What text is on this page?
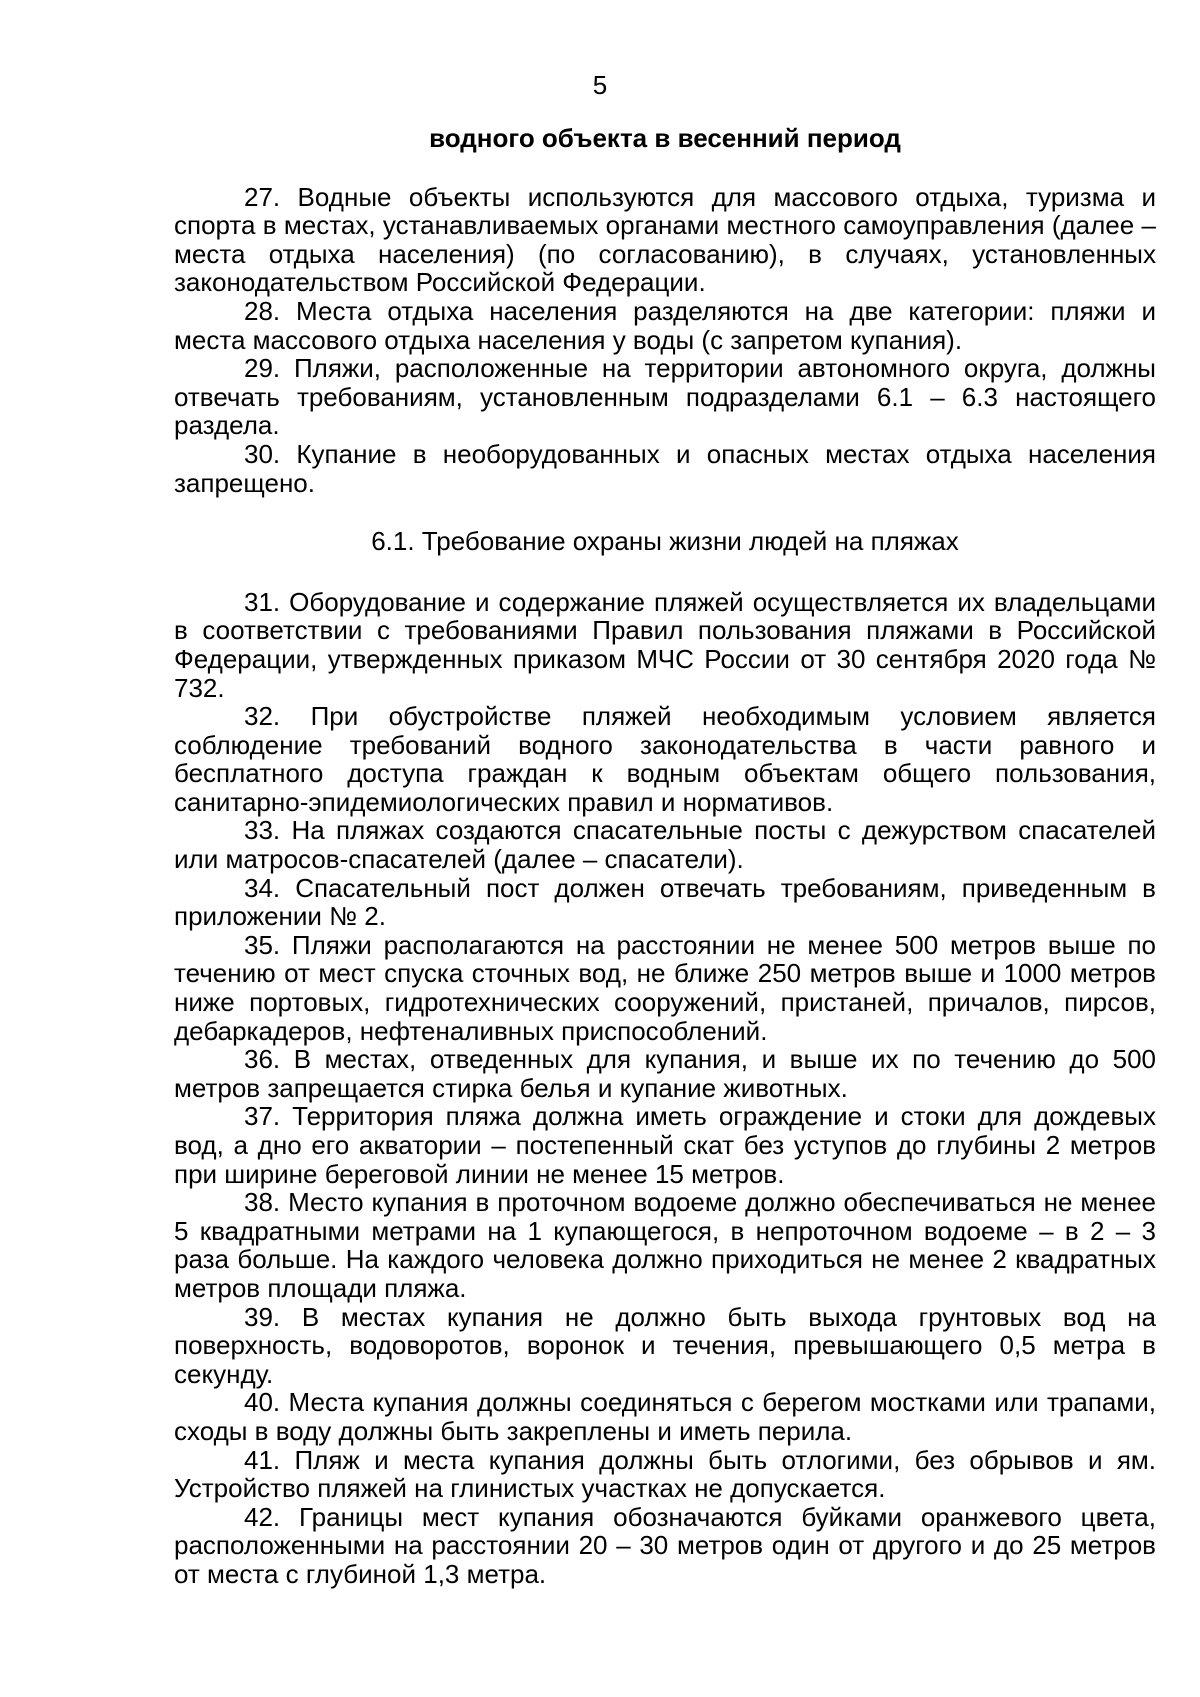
5

водного объекта в весенний период

27. Водные объекты используются для массового отдыха, туризма и спорта в местах, устанавливаемых органами местного самоуправления (далее – места отдыха населения) (по согласованию), в случаях, установленных законодательством Российской Федерации.

28. Места отдыха населения разделяются на две категории: пляжи и места массового отдыха населения у воды (с запретом купания).

29. Пляжи, расположенные на территории автономного округа, должны отвечать требованиям, установленным подразделами 6.1 – 6.3 настоящего раздела.

30. Купание в необорудованных и опасных местах отдыха населения запрещено.

6.1. Требование охраны жизни людей на пляжах

31. Оборудование и содержание пляжей осуществляется их владельцами в соответствии с требованиями Правил пользования пляжами в Российской Федерации, утвержденных приказом МЧС России от 30 сентября 2020 года № 732.

32. При обустройстве пляжей необходимым условием является соблюдение требований водного законодательства в части равного и бесплатного доступа граждан к водным объектам общего пользования, санитарно-эпидемиологических правил и нормативов.

33. На пляжах создаются спасательные посты с дежурством спасателей или матросов-спасателей (далее – спасатели).

34. Спасательный пост должен отвечать требованиям, приведенным в приложении № 2.

35. Пляжи располагаются на расстоянии не менее 500 метров выше по течению от мест спуска сточных вод, не ближе 250 метров выше и 1000 метров ниже портовых, гидротехнических сооружений, пристаней, причалов, пирсов, дебаркадеров, нефтеналивных приспособлений.

36. В местах, отведенных для купания, и выше их по течению до 500 метров запрещается стирка белья и купание животных.

37. Территория пляжа должна иметь ограждение и стоки для дождевых вод, а дно его акватории – постепенный скат без уступов до глубины 2 метров при ширине береговой линии не менее 15 метров.

38. Место купания в проточном водоеме должно обеспечиваться не менее 5 квадратными метрами на 1 купающегося, в непроточном водоеме – в 2 – 3 раза больше. На каждого человека должно приходиться не менее 2 квадратных метров площади пляжа.

39. В местах купания не должно быть выхода грунтовых вод на поверхность, водоворотов, воронок и течения, превышающего 0,5 метра в секунду.

40. Места купания должны соединяться с берегом мостками или трапами, сходы в воду должны быть закреплены и иметь перила.

41. Пляж и места купания должны быть отлогими, без обрывов и ям. Устройство пляжей на глинистых участках не допускается.

42. Границы мест купания обозначаются буйками оранжевого цвета, расположенными на расстоянии 20 – 30 метров один от другого и до 25 метров от места с глубиной 1,3 метра.
